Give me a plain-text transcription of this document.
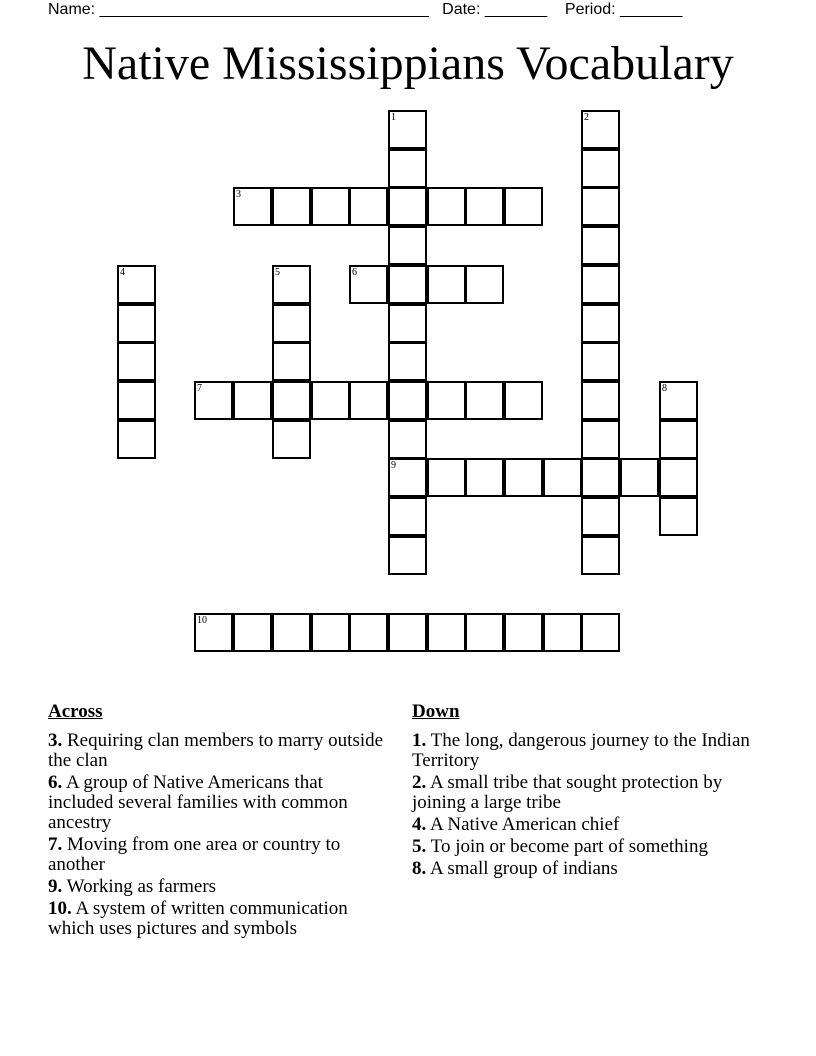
Name: _____________________________________   Date: _______    Period: _______
Native Mississippians Vocabulary
1
9
2
3
4	5	6
7	8
10
Across
3. Requiring clan members to marry outside the clan
6. A group of Native Americans that included several families with common ancestry
7. Moving from one area or country to another
9. Working as farmers
10. A system of written communication which uses pictures and symbols
Down
1. The long, dangerous journey to the Indian Territory
2. A small tribe that sought protection by joining a large tribe
4. A Native American chief
5. To join or become part of something
8. A small group of indians
